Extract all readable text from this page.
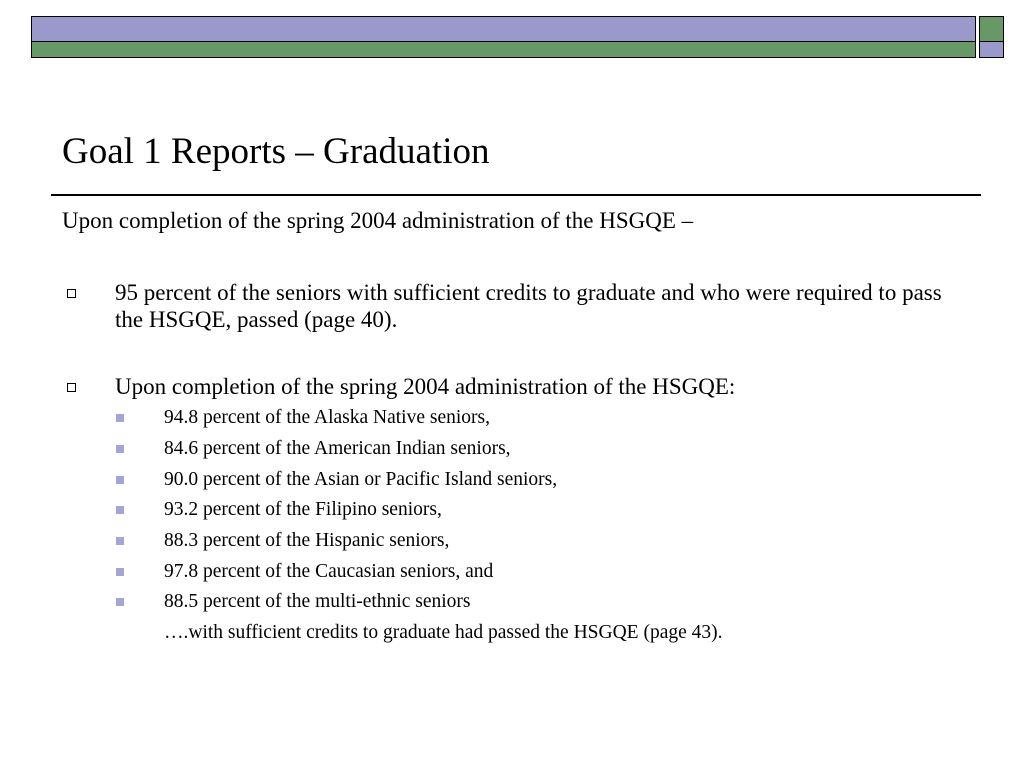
Goal 1 Reports – Graduation
Upon completion of the spring 2004 administration of the HSGQE –
95 percent of the seniors with sufficient credits to graduate and who were required to pass the HSGQE, passed (page 40).
Upon completion of the spring 2004 administration of the HSGQE:
94.8 percent of the Alaska Native seniors,
84.6 percent of the American Indian seniors,
90.0 percent of the Asian or Pacific Island seniors,
93.2 percent of the Filipino seniors,
88.3 percent of the Hispanic seniors,
97.8 percent of the Caucasian seniors, and
88.5 percent of the multi-ethnic seniors
….with sufficient credits to graduate had passed the HSGQE (page 43).
